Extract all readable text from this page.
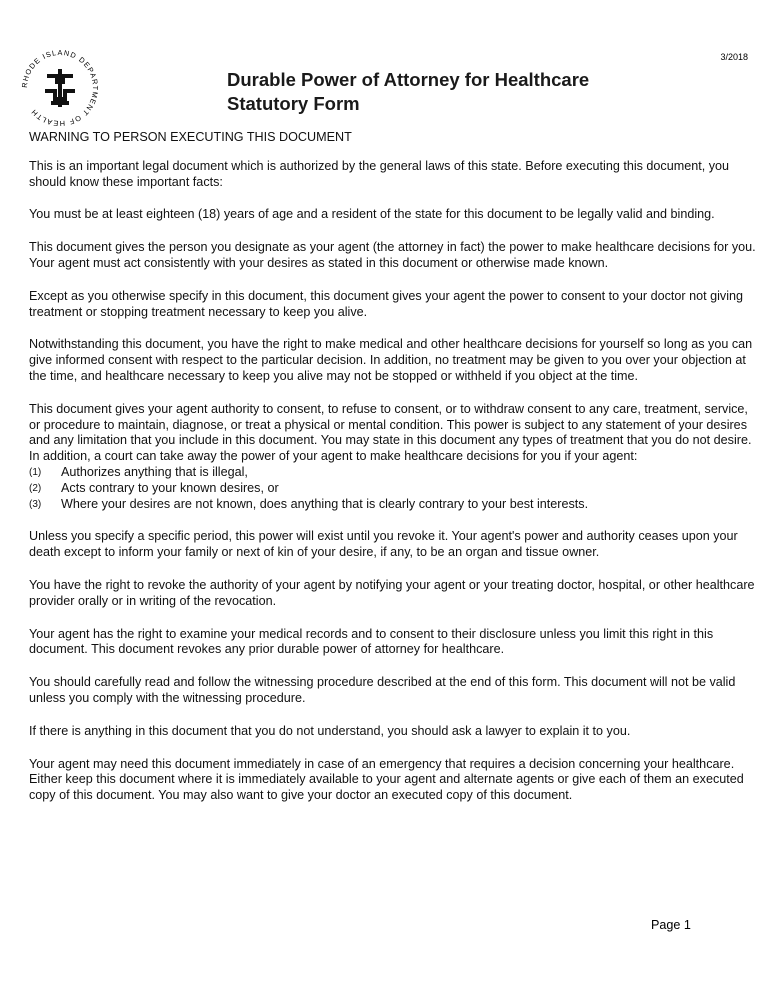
3/2018
RHODE ISLAND DEPARTMENT OF HEALTH
Durable Power of Attorney for Healthcare
Statutory Form

WARNING TO PERSON EXECUTING THIS DOCUMENT

This is an important legal document which is authorized by the general laws of this state. Before executing this document, you should know these important facts:

You must be at least eighteen (18) years of age and a resident of the state for this document to be legally valid and binding.

This document gives the person you designate as your agent (the attorney in fact) the power to make healthcare decisions for you. Your agent must act consistently with your desires as stated in this document or otherwise made known.

Except as you otherwise specify in this document, this document gives your agent the power to consent to your doctor not giving treatment or stopping treatment necessary to keep you alive.

Notwithstanding this document, you have the right to make medical and other healthcare decisions for yourself so long as you can give informed consent with respect to the particular decision. In addition, no treatment may be given to you over your objection at the time, and healthcare necessary to keep you alive may not be stopped or withheld if you object at the time.

This document gives your agent authority to consent, to refuse to consent, or to withdraw consent to any care, treatment, service, or procedure to maintain, diagnose, or treat a physical or mental condition. This power is subject to any statement of your desires and any limitation that you include in this document. You may state in this document any types of treatment that you do not desire. In addition, a court can take away the power of your agent to make healthcare decisions for you if your agent:

(1)	Authorizes anything that is illegal,
(2)	Acts contrary to your known desires, or
(3)	Where your desires are not known, does anything that is clearly contrary to your best interests.

Unless you specify a specific period, this power will exist until you revoke it. Your agent's power and authority ceases upon your death except to inform your family or next of kin of your desire, if any, to be an organ and tissue owner.

You have the right to revoke the authority of your agent by notifying your agent or your treating doctor, hospital, or other healthcare provider orally or in writing of the revocation.

Your agent has the right to examine your medical records and to consent to their disclosure unless you limit this right in this document. This document revokes any prior durable power of attorney for healthcare.

You should carefully read and follow the witnessing procedure described at the end of this form. This document will not be valid unless you comply with the witnessing procedure.

If there is anything in this document that you do not understand, you should ask a lawyer to explain it to you.

Your agent may need this document immediately in case of an emergency that requires a decision concerning your healthcare. Either keep this document where it is immediately available to your agent and alternate agents or give each of them an executed copy of this document. You may also want to give your doctor an executed copy of this document.

Page 1
